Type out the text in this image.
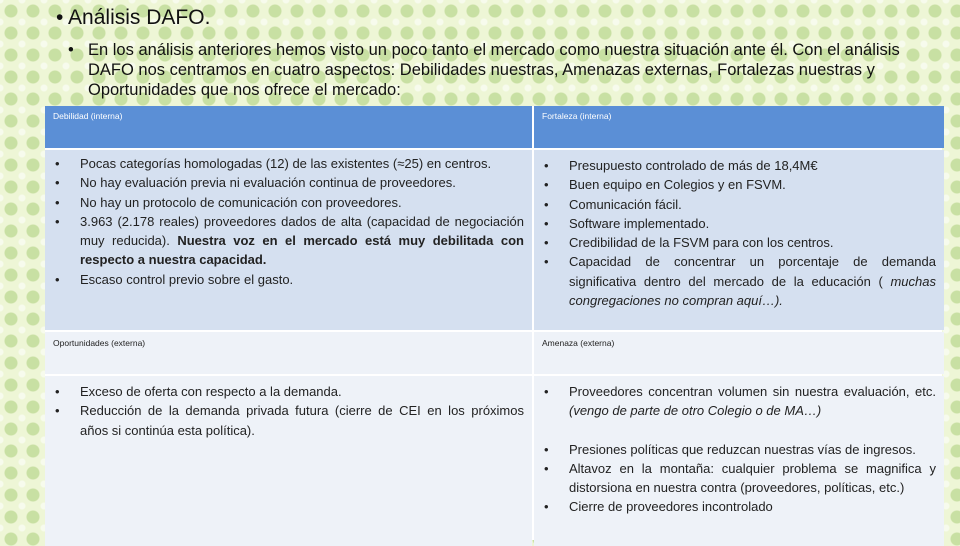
• Análisis DAFO.

• En los análisis anteriores hemos visto un poco tanto el mercado como nuestra situación ante él. Con el análisis DAFO nos centramos en cuatro aspectos: Debilidades nuestras, Amenazas externas, Fortalezas nuestras y Oportunidades que nos ofrece el mercado:

Debilidad (interna)	Fortaleza (interna)
• Pocas categorías homologadas (12) de las existentes (≈25) en centros.
• No hay evaluación previa ni evaluación continua de proveedores.
• No hay un protocolo de comunicación con proveedores.
• 3.963 (2.178 reales) proveedores dados de alta (capacidad de negociación muy reducida). Nuestra voz en el mercado está muy debilitada con respecto a nuestra capacidad.
• Escaso control previo sobre el gasto.
• Presupuesto controlado de más de 18,4M€
• Buen equipo en Colegios y en FSVM.
• Comunicación fácil.
• Software implementado.
• Credibilidad de la FSVM para con los centros.
• Capacidad de concentrar un porcentaje de demanda significativa dentro del mercado de la educación ( muchas congregaciones no compran aquí…).
Oportunidades (externa)	Amenaza (externa)
• Exceso de oferta con respecto a la demanda.
• Reducción de la demanda privada futura (cierre de CEI en los próximos años si continúa esta política).
• Proveedores concentran volumen sin nuestra evaluación, etc. (vengo de parte de otro Colegio o de MA…)
• Presiones políticas que reduzcan nuestras vías de ingresos.
• Altavoz en la montaña: cualquier problema se magnifica y distorsiona en nuestra contra (proveedores, políticas, etc.)
• Cierre de proveedores incontrolado
